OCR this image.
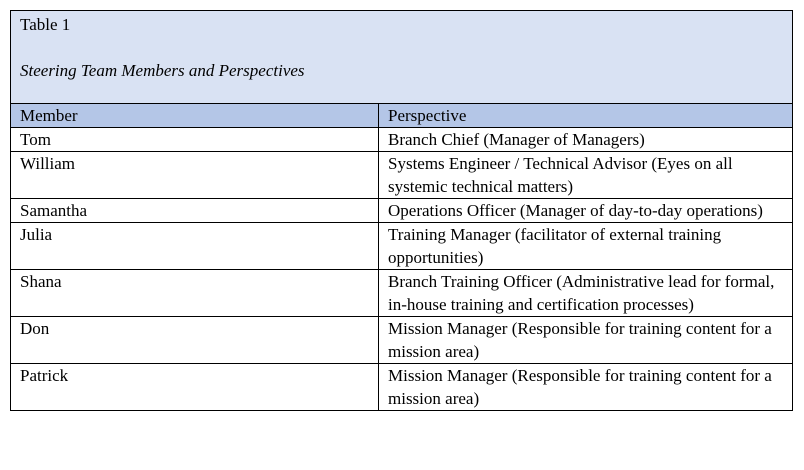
Table 1
Steering Team Members and Perspectives
Member	Perspective
Tom	Branch Chief (Manager of Managers)
William	Systems Engineer / Technical Advisor (Eyes on all systemic technical matters)
Samantha	Operations Officer (Manager of day-to-day operations)
Julia	Training Manager (facilitator of external training opportunities)
Shana	Branch Training Officer (Administrative lead for formal, in-house training and certification processes)
Don	Mission Manager (Responsible for training content for a mission area)
Patrick	Mission Manager (Responsible for training content for a mission area)
